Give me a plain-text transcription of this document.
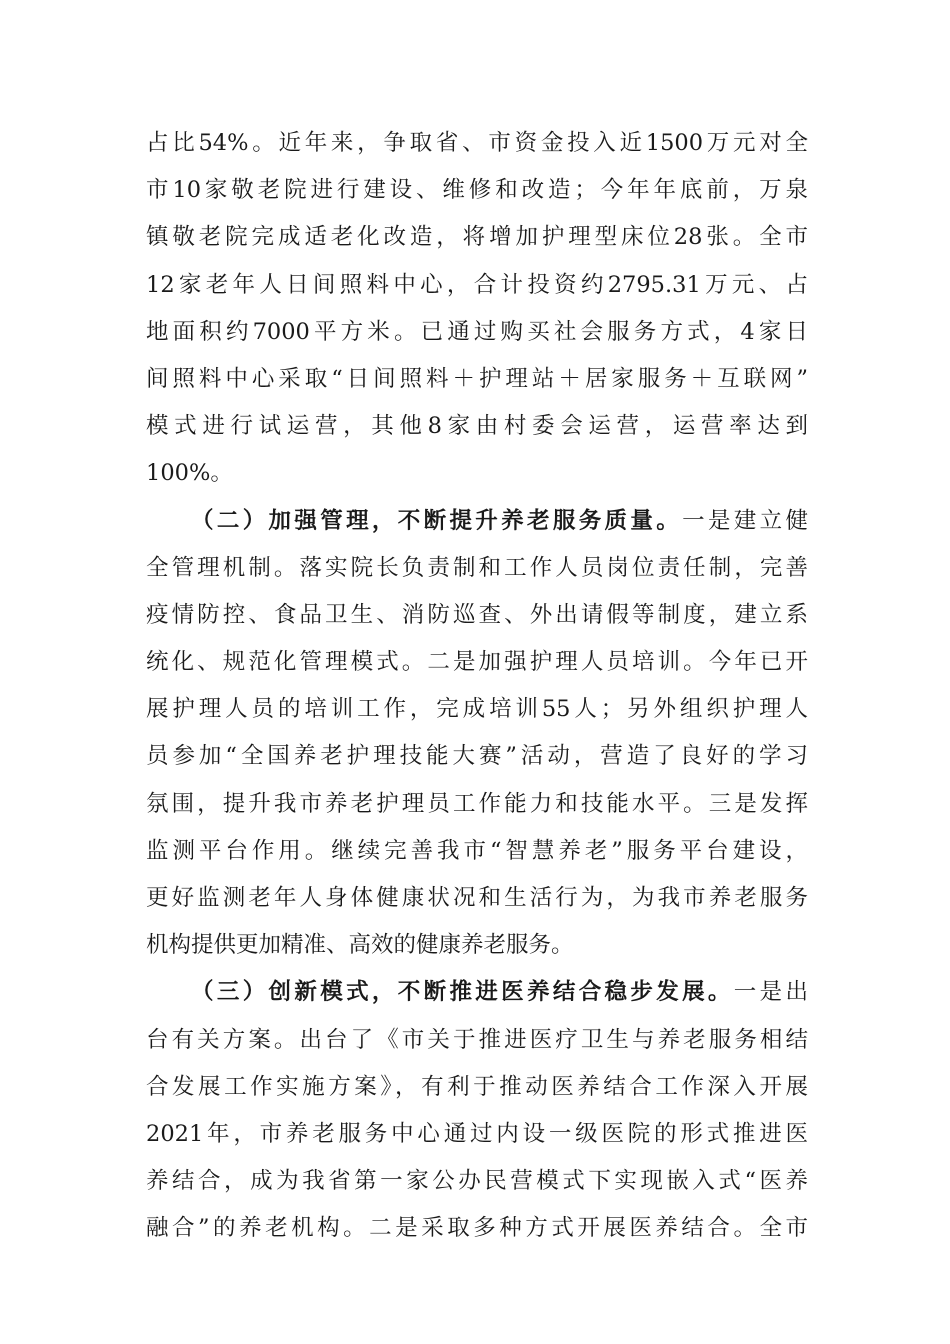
占比54%。近年来，争取省、市资金投入近1500万元对全
市10家敬老院进行建设、维修和改造；今年年底前，万泉
镇敬老院完成适老化改造，将增加护理型床位28张。全市
12家老年人日间照料中心，合计投资约2795.31万元、占
地面积约7000平方米。已通过购买社会服务方式，4家日
间照料中心采取“日间照料＋护理站＋居家服务＋互联网”
模式进行试运营，其他8家由村委会运营，运营率达到
100%。
（二）加强管理，不断提升养老服务质量。一是建立健
全管理机制。落实院长负责制和工作人员岗位责任制，完善
疫情防控、食品卫生、消防巡查、外出请假等制度，建立系
统化、规范化管理模式。二是加强护理人员培训。今年已开
展护理人员的培训工作，完成培训55人；另外组织护理人
员参加“全国养老护理技能大赛”活动，营造了良好的学习
氛围，提升我市养老护理员工作能力和技能水平。三是发挥
监测平台作用。继续完善我市“智慧养老”服务平台建设，
更好监测老年人身体健康状况和生活行为，为我市养老服务
机构提供更加精准、高效的健康养老服务。
（三）创新模式，不断推进医养结合稳步发展。一是出
台有关方案。出台了《市关于推进医疗卫生与养老服务相结
合发展工作实施方案》，有利于推动医养结合工作深入开展
2021年，市养老服务中心通过内设一级医院的形式推进医
养结合，成为我省第一家公办民营模式下实现嵌入式“医养
融合”的养老机构。二是采取多种方式开展医养结合。全市
